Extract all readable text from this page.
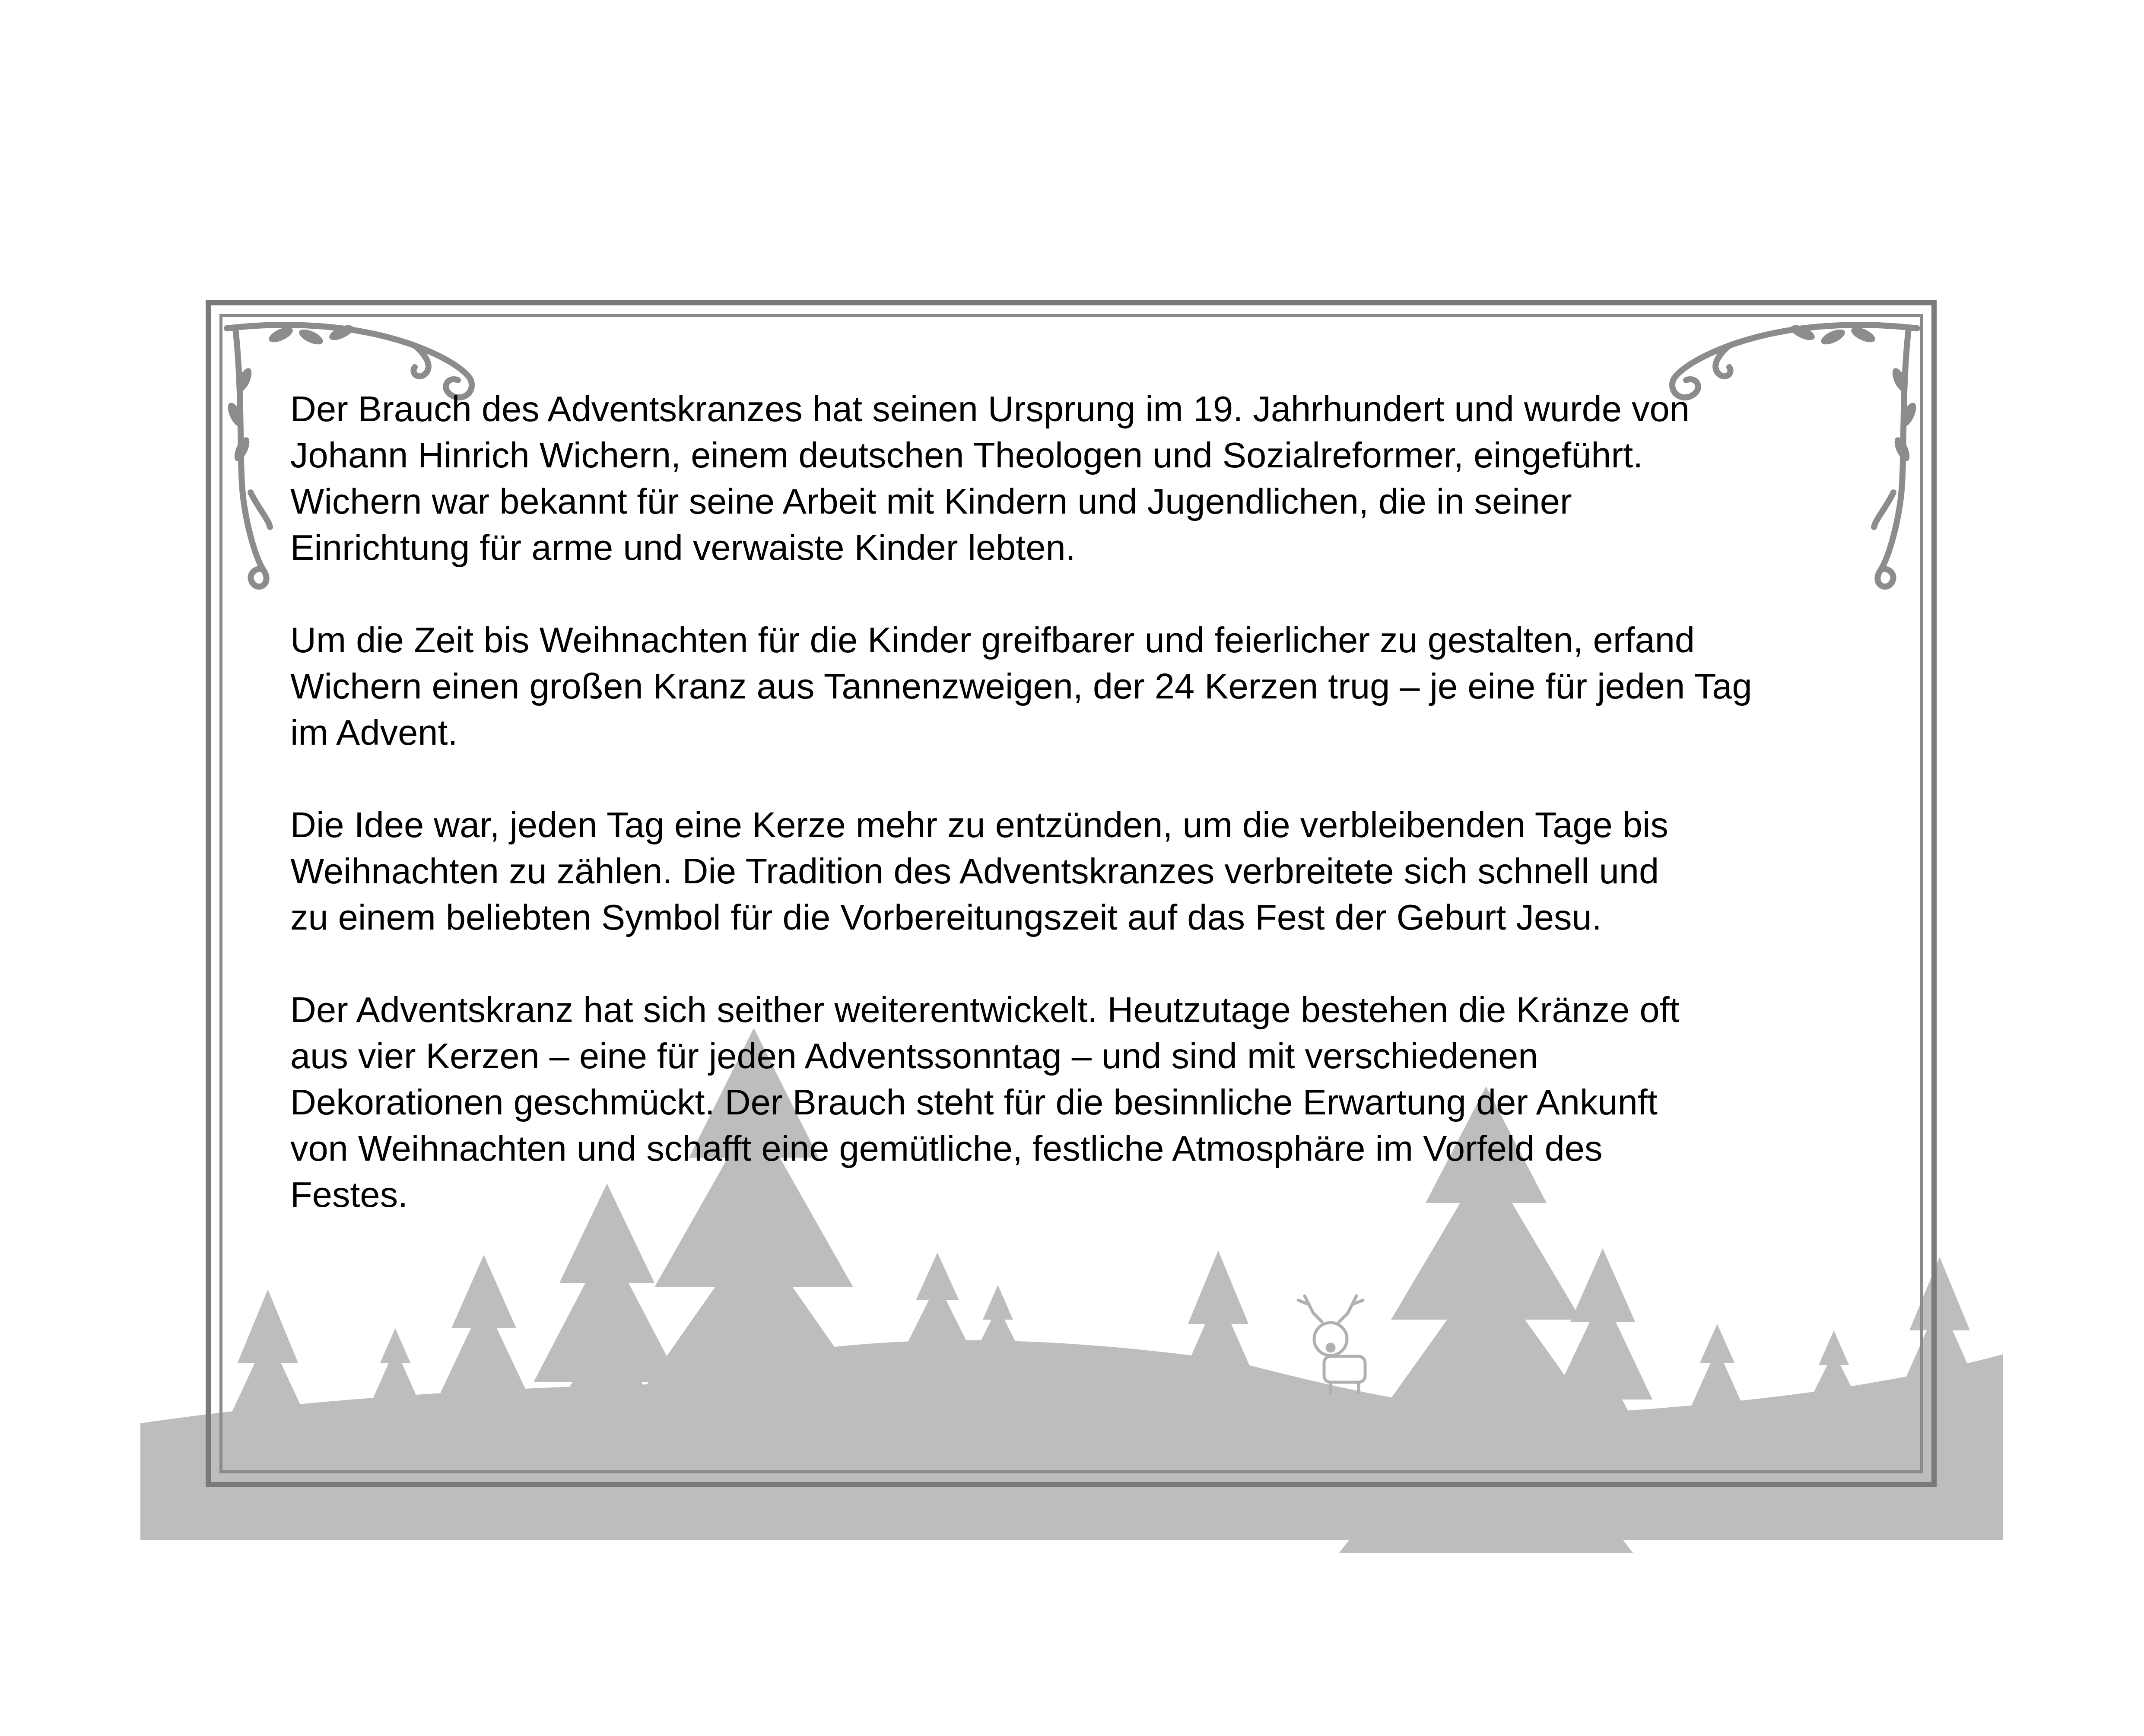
Der Brauch des Adventskranzes hat seinen Ursprung im 19. Jahrhundert und wurde von
Johann Hinrich Wichern, einem deutschen Theologen und Sozialreformer, eingeführt.
Wichern war bekannt für seine Arbeit mit Kindern und Jugendlichen, die in seiner
Einrichtung für arme und verwaiste Kinder lebten.

Um die Zeit bis Weihnachten für die Kinder greifbarer und feierlicher zu gestalten, erfand
Wichern einen großen Kranz aus Tannenzweigen, der 24 Kerzen trug – je eine für jeden Tag
im Advent.

Die Idee war, jeden Tag eine Kerze mehr zu entzünden, um die verbleibenden Tage bis
Weihnachten zu zählen. Die Tradition des Adventskranzes verbreitete sich schnell und
zu einem beliebten Symbol für die Vorbereitungszeit auf das Fest der Geburt Jesu.

Der Adventskranz hat sich seither weiterentwickelt. Heutzutage bestehen die Kränze oft
aus vier Kerzen – eine für jeden Adventssonntag – und sind mit verschiedenen
Dekorationen geschmückt. Der Brauch steht für die besinnliche Erwartung der Ankunft
von Weihnachten und schafft eine gemütliche, festliche Atmosphäre im Vorfeld des
Festes.
